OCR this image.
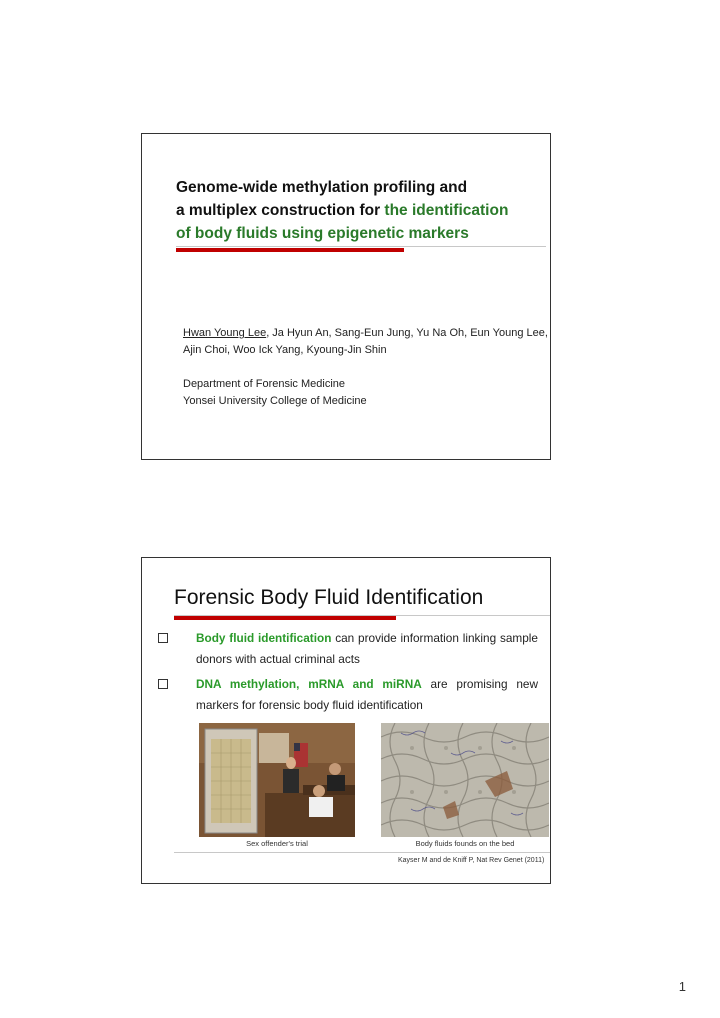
Genome-wide methylation profiling and
a multiplex construction for the identification
of body fluids using epigenetic markers
Hwan Young Lee, Ja Hyun An, Sang-Eun Jung, Yu Na Oh, Eun Young Lee, Ajin Choi, Woo Ick Yang, Kyoung-Jin Shin
Department of Forensic Medicine
Yonsei University College of Medicine
Forensic Body Fluid Identification
Body fluid identification can provide information linking sample donors with actual criminal acts
DNA methylation, mRNA and miRNA are promising new markers for forensic body fluid identification
Sex offender's trial	Body fluids founds on the bed
Kayser M and de Kniff P, Nat Rev Genet (2011)
1
